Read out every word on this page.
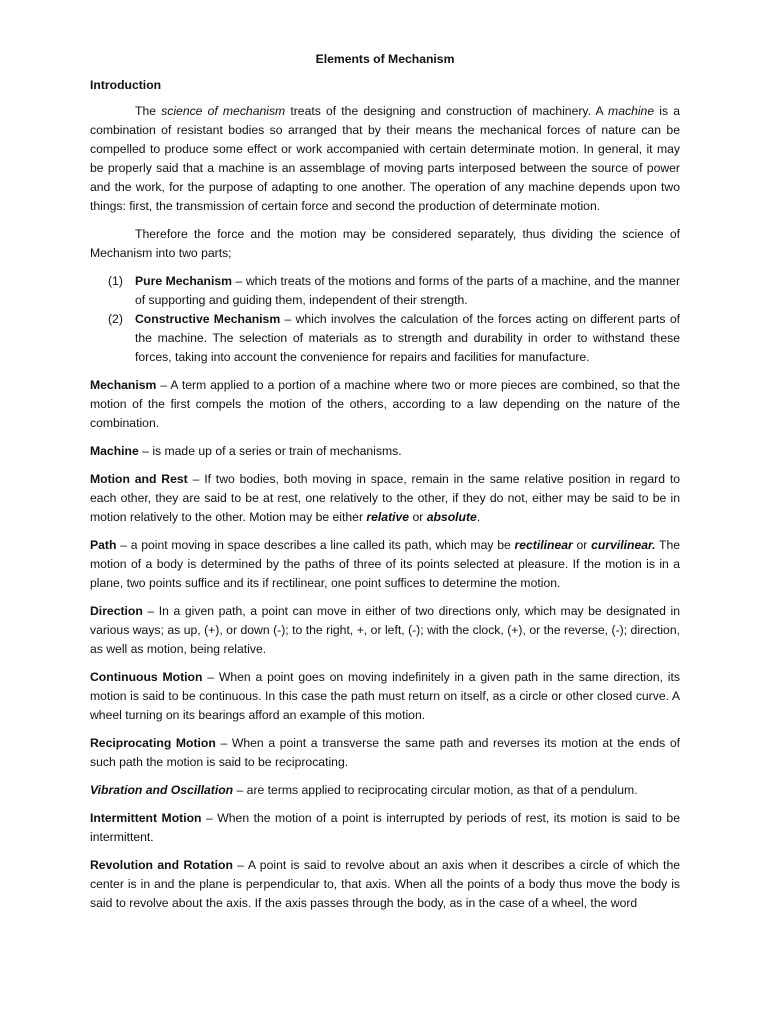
Elements of Mechanism
Introduction

The science of mechanism treats of the designing and construction of machinery. A machine is a combination of resistant bodies so arranged that by their means the mechanical forces of nature can be compelled to produce some effect or work accompanied with certain determinate motion. In general, it may be properly said that a machine is an assemblage of moving parts interposed between the source of power and the work, for the purpose of adapting to one another. The operation of any machine depends upon two things: first, the transmission of certain force and second the production of determinate motion.

Therefore the force and the motion may be considered separately, thus dividing the science of Mechanism into two parts;

(1) Pure Mechanism – which treats of the motions and forms of the parts of a machine, and the manner of supporting and guiding them, independent of their strength.
(2) Constructive Mechanism – which involves the calculation of the forces acting on different parts of the machine. The selection of materials as to strength and durability in order to withstand these forces, taking into account the convenience for repairs and facilities for manufacture.

Mechanism – A term applied to a portion of a machine where two or more pieces are combined, so that the motion of the first compels the motion of the others, according to a law depending on the nature of the combination.

Machine – is made up of a series or train of mechanisms.

Motion and Rest – If two bodies, both moving in space, remain in the same relative position in regard to each other, they are said to be at rest, one relatively to the other, if they do not, either may be said to be in motion relatively to the other. Motion may be either relative or absolute.

Path – a point moving in space describes a line called its path, which may be rectilinear or curvilinear. The motion of a body is determined by the paths of three of its points selected at pleasure. If the motion is in a plane, two points suffice and its if rectilinear, one point suffices to determine the motion.

Direction – In a given path, a point can move in either of two directions only, which may be designated in various ways; as up, (+), or down (-); to the right, +, or left, (-); with the clock, (+), or the reverse, (-); direction, as well as motion, being relative.

Continuous Motion – When a point goes on moving indefinitely in a given path in the same direction, its motion is said to be continuous. In this case the path must return on itself, as a circle or other closed curve. A wheel turning on its bearings afford an example of this motion.

Reciprocating Motion – When a point a transverse the same path and reverses its motion at the ends of such path the motion is said to be reciprocating.

Vibration and Oscillation – are terms applied to reciprocating circular motion, as that of a pendulum.

Intermittent Motion – When the motion of a point is interrupted by periods of rest, its motion is said to be intermittent.

Revolution and Rotation – A point is said to revolve about an axis when it describes a circle of which the center is in and the plane is perpendicular to, that axis. When all the points of a body thus move the body is said to revolve about the axis. If the axis passes through the body, as in the case of a wheel, the word
